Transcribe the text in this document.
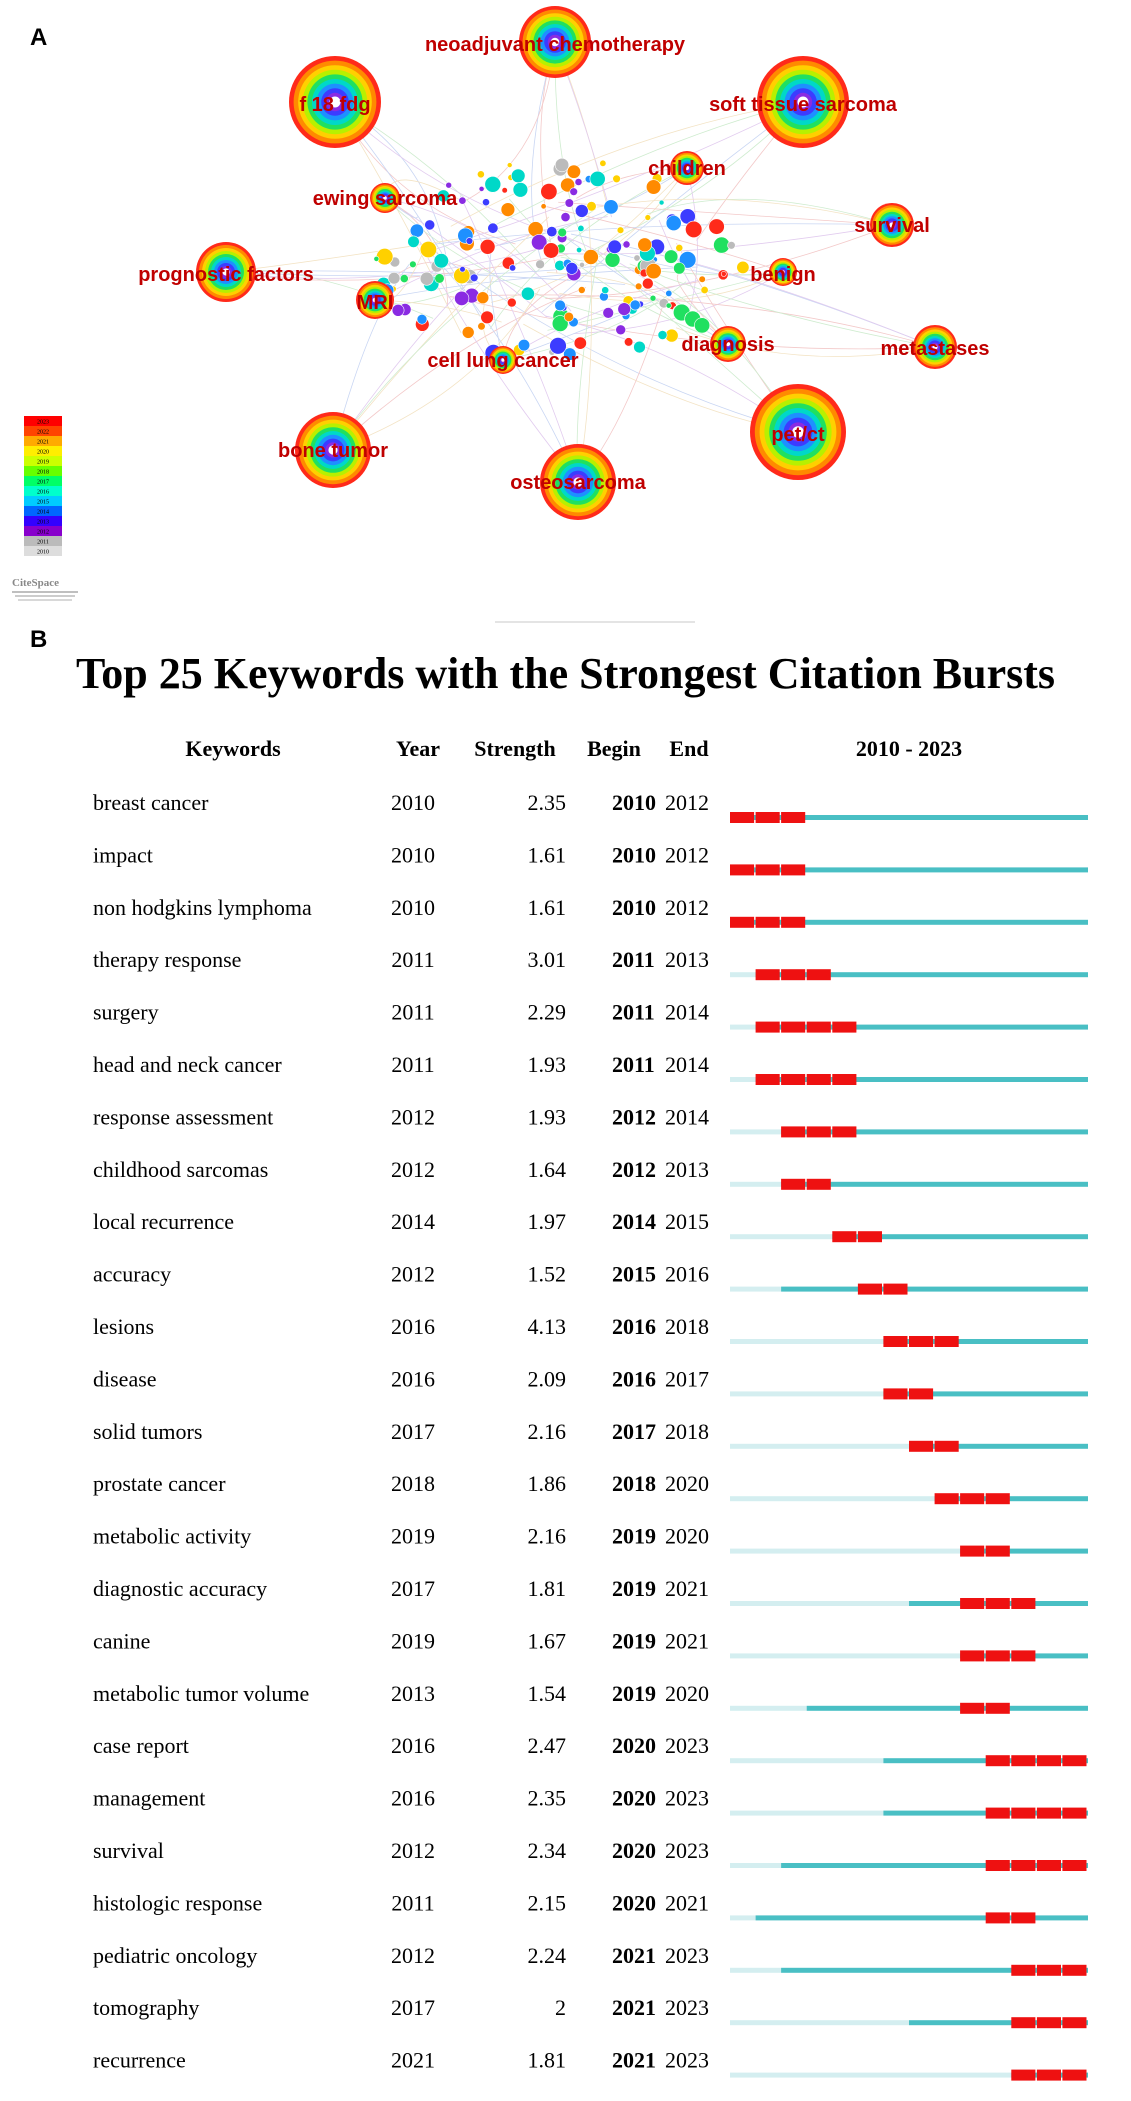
A
B
neoadjuvant chemotherapy
f 18 fdg	soft tissue sarcoma
children
ewing sarcoma
survival
prognostic factors	benign
MRI
diagnosis	metastases
cell lung cancer
pet/ct
bone tumor
osteosarcoma
2023
2022
2021
2020
2019
2018
2017
2016
2015
2014
2013
2012
2011
2010
CiteSpace
Top 25 Keywords with the Strongest Citation Bursts
Keywords	Year Strength Begin End	2010 - 2023
breast cancer	2010	2.35 2010 2012
impact	2010	1.61 2010 2012
non hodgkins lymphoma	2010	1.61 2010 2012
therapy response	2011	3.01 2011 2013
surgery	2011	2.29 2011 2014
head and neck cancer	2011	1.93 2011 2014
response assessment	2012	1.93 2012 2014
childhood sarcomas	2012	1.64 2012 2013
local recurrence	2014	1.97 2014 2015
accuracy	2012	1.52 2015 2016
lesions	2016	4.13 2016 2018
disease	2016	2.09 2016 2017
solid tumors	2017	2.16 2017 2018
prostate cancer	2018	1.86 2018 2020
metabolic activity	2019	2.16 2019 2020
diagnostic accuracy	2017	1.81 2019 2021
canine	2019	1.67 2019 2021
metabolic tumor volume	2013	1.54 2019 2020
case report	2016	2.47 2020 2023
management	2016	2.35 2020 2023
survival	2012	2.34 2020 2023
histologic response	2011	2.15 2020 2021
pediatric oncology	2012	2.24 2021 2023
tomography	2017	2 2021 2023
recurrence	2021	1.81 2021 2023
